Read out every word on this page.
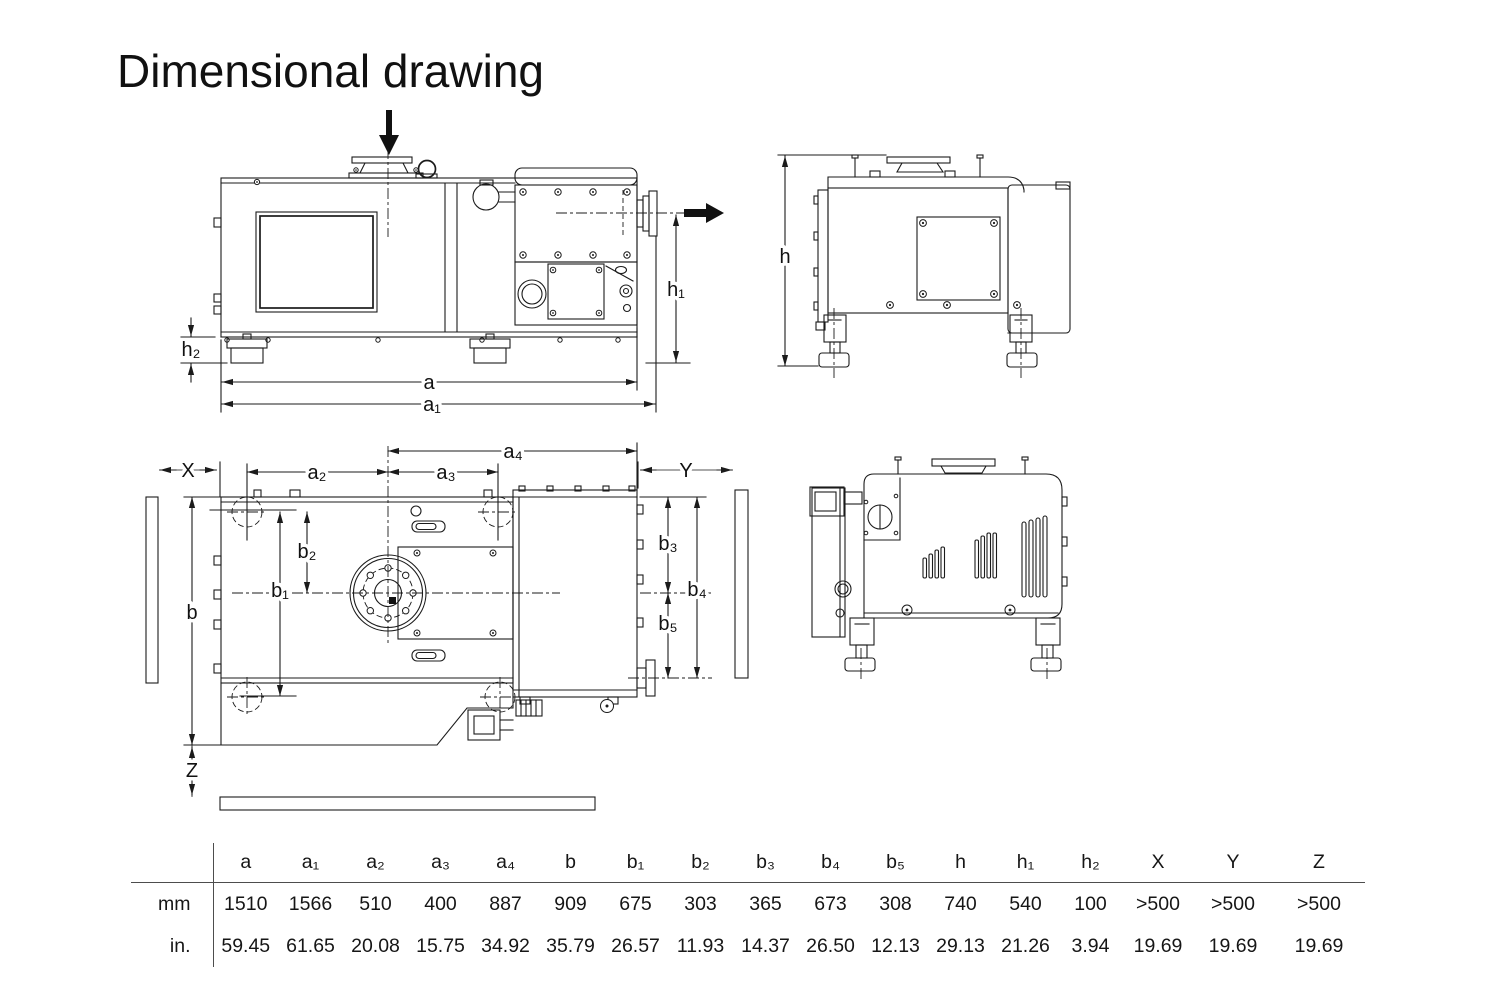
Dimensional drawing
a
a₁
h₁
h₂
h
X	a₂	a₃
a₄
Y
b
b₁
b₂	b₃
b₄
b₅
Z
	a	a₁	a₂	a₃	a₄	b	b₁	b₂	b₃	b₄	b₅	h	h₁	h₂	X	Y	Z
mm	1510	1566	510	400	887	909	675	303	365	673	308	740	540	100	>500	>500	>500
in.	59.45	61.65	20.08	15.75	34.92	35.79	26.57	11.93	14.37	26.50	12.13	29.13	21.26	3.94	19.69	19.69	19.69
